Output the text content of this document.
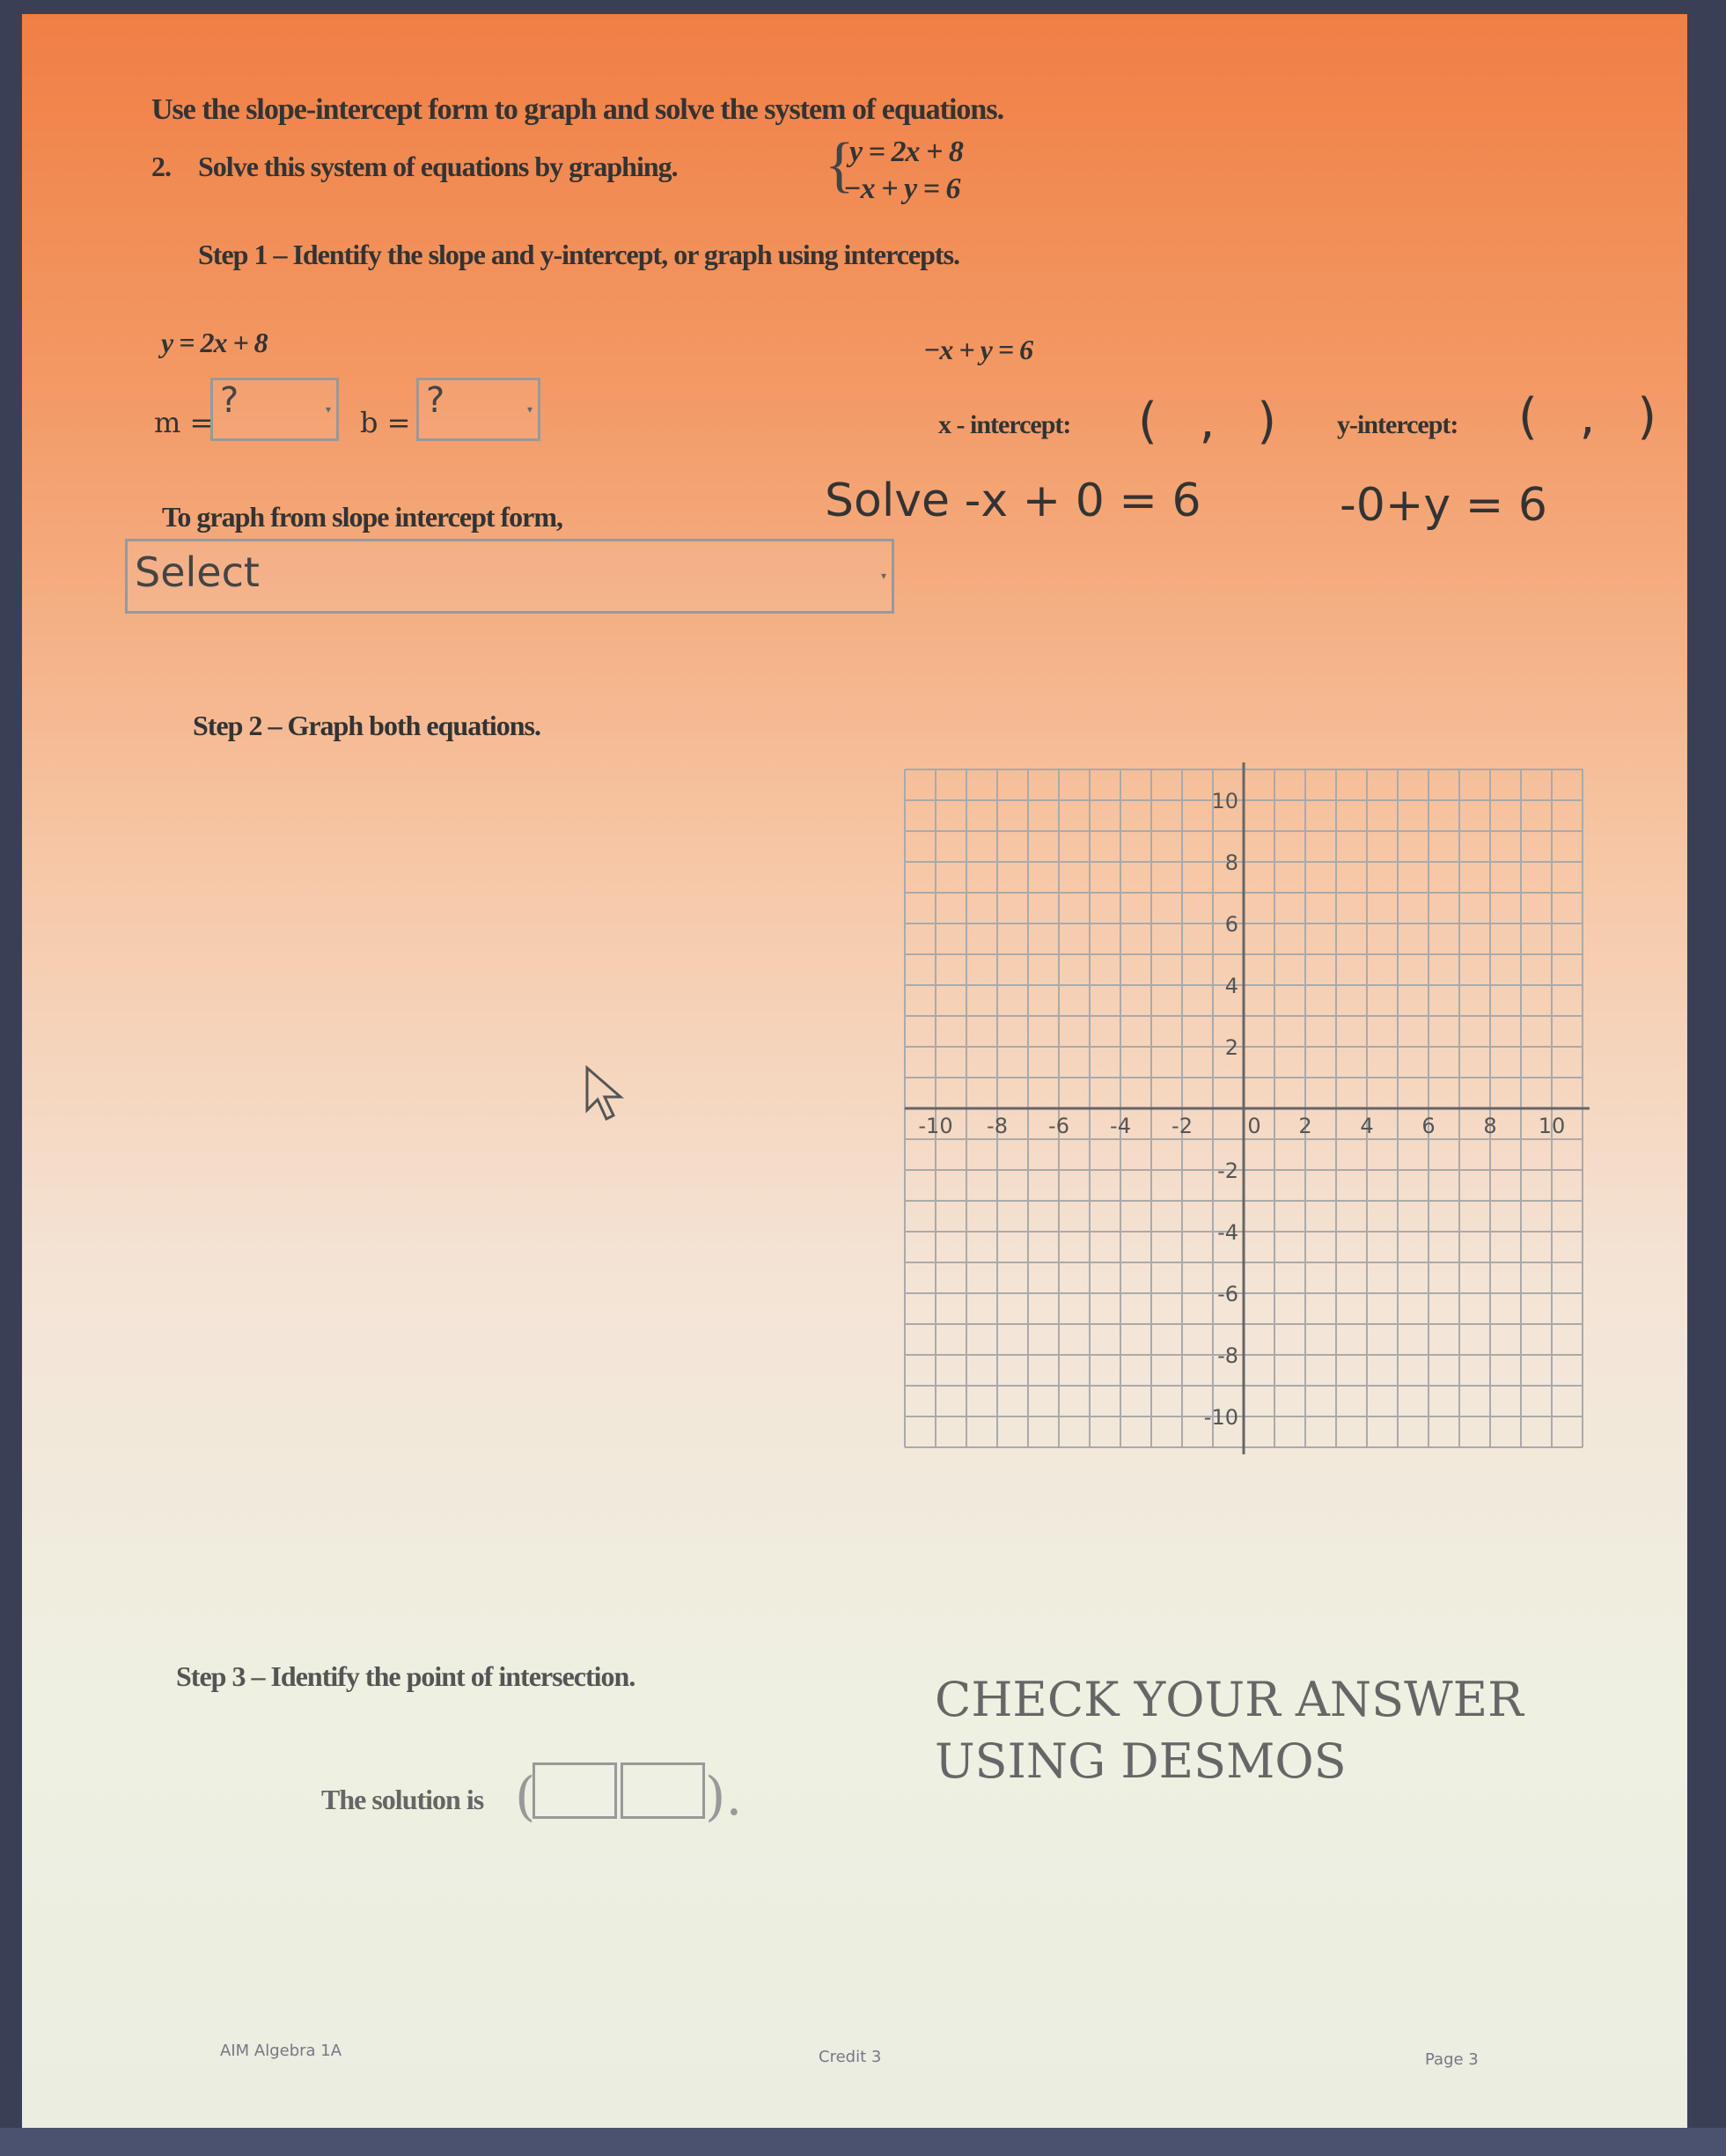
Use the slope-intercept form to graph and solve the system of equations.
2. Solve this system of equations by graphing. {
y = 2x + 8
−x + y = 6
Step 1 – Identify the slope and y-intercept, or graph using intercepts.
y = 2x + 8	−x + y = 6
m =
?	▾ b =
?	▾
x - intercept: ( , ) y-intercept: ( , )
To graph from slope intercept form,	Solve -x + 0 = 6	-0+y = 6
Select	▾
Step 2 – Graph both equations.
-10 -8 -6 -4 -2	0 2 4 6 8 10
10
8
6
4
2
-2
-4
-6
-8
-10
Step 3 – Identify the point of intersection.	CHECK YOUR ANSWER USING DESMOS
The solution is (	).
AIM Algebra 1A	Credit 3	Page 3
